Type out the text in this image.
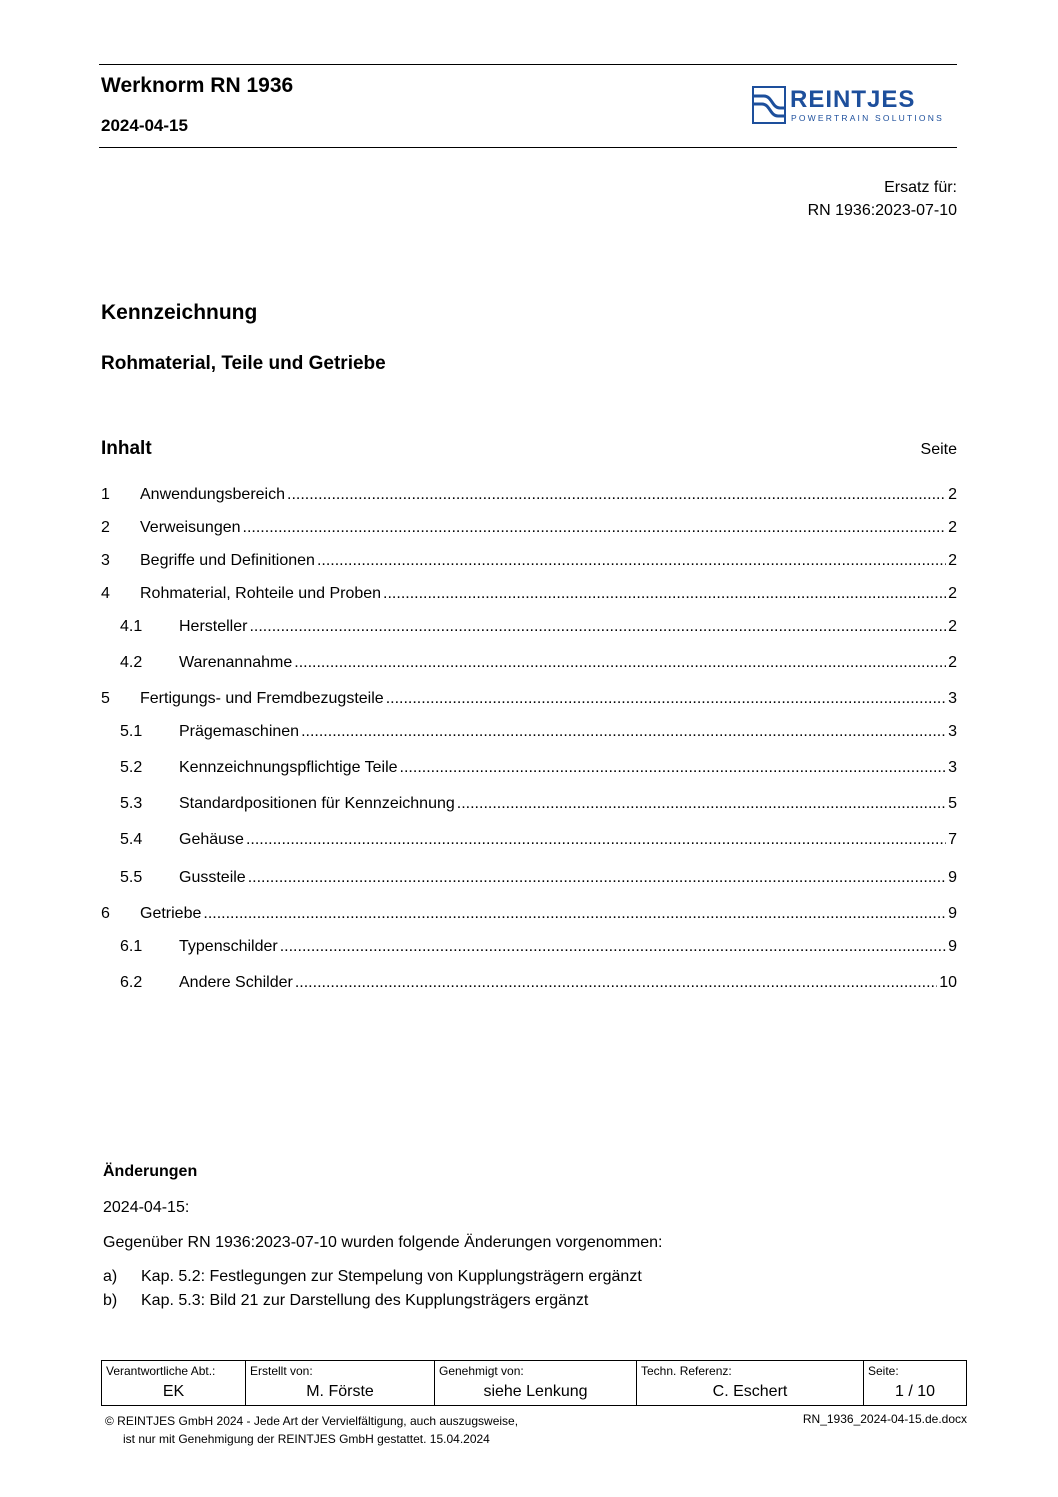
Werknorm RN 1936
2024-04-15
REINTJES
POWERTRAIN SOLUTIONS
Ersatz für:
RN 1936:2023-07-10
Kennzeichnung
Rohmaterial, Teile und Getriebe
Inhalt	Seite
1	Anwendungsbereich .....	2
2	Verweisungen .....	2
3	Begriffe und Definitionen .....	2
4	Rohmaterial, Rohteile und Proben .....	2
4.1	Hersteller .....	2
4.2	Warenannahme .....	2
5	Fertigungs- und Fremdbezugsteile .....	3
5.1	Prägemaschinen .....	3
5.2	Kennzeichnungspflichtige Teile .....	3
5.3	Standardpositionen für Kennzeichnung .....	5
5.4	Gehäuse .....	7
5.5	Gussteile .....	9
6	Getriebe .....	9
6.1	Typenschilder .....	9
6.2	Andere Schilder .....	10
Änderungen
2024-04-15:
Gegenüber RN 1936:2023-07-10 wurden folgende Änderungen vorgenommen:
a)	Kap. 5.2: Festlegungen zur Stempelung von Kupplungsträgern ergänzt
b)	Kap. 5.3: Bild 21 zur Darstellung des Kupplungsträgers ergänzt
Verantwortliche Abt.:
EK
Erstellt von:
M. Förste
Genehmigt von:
siehe Lenkung
Techn. Referenz:
C. Eschert
Seite:
1 / 10
© REINTJES GmbH 2024 - Jede Art der Vervielfältigung, auch auszugsweise,
ist nur mit Genehmigung der REINTJES GmbH gestattet. 15.04.2024
RN_1936_2024-04-15.de.docx
